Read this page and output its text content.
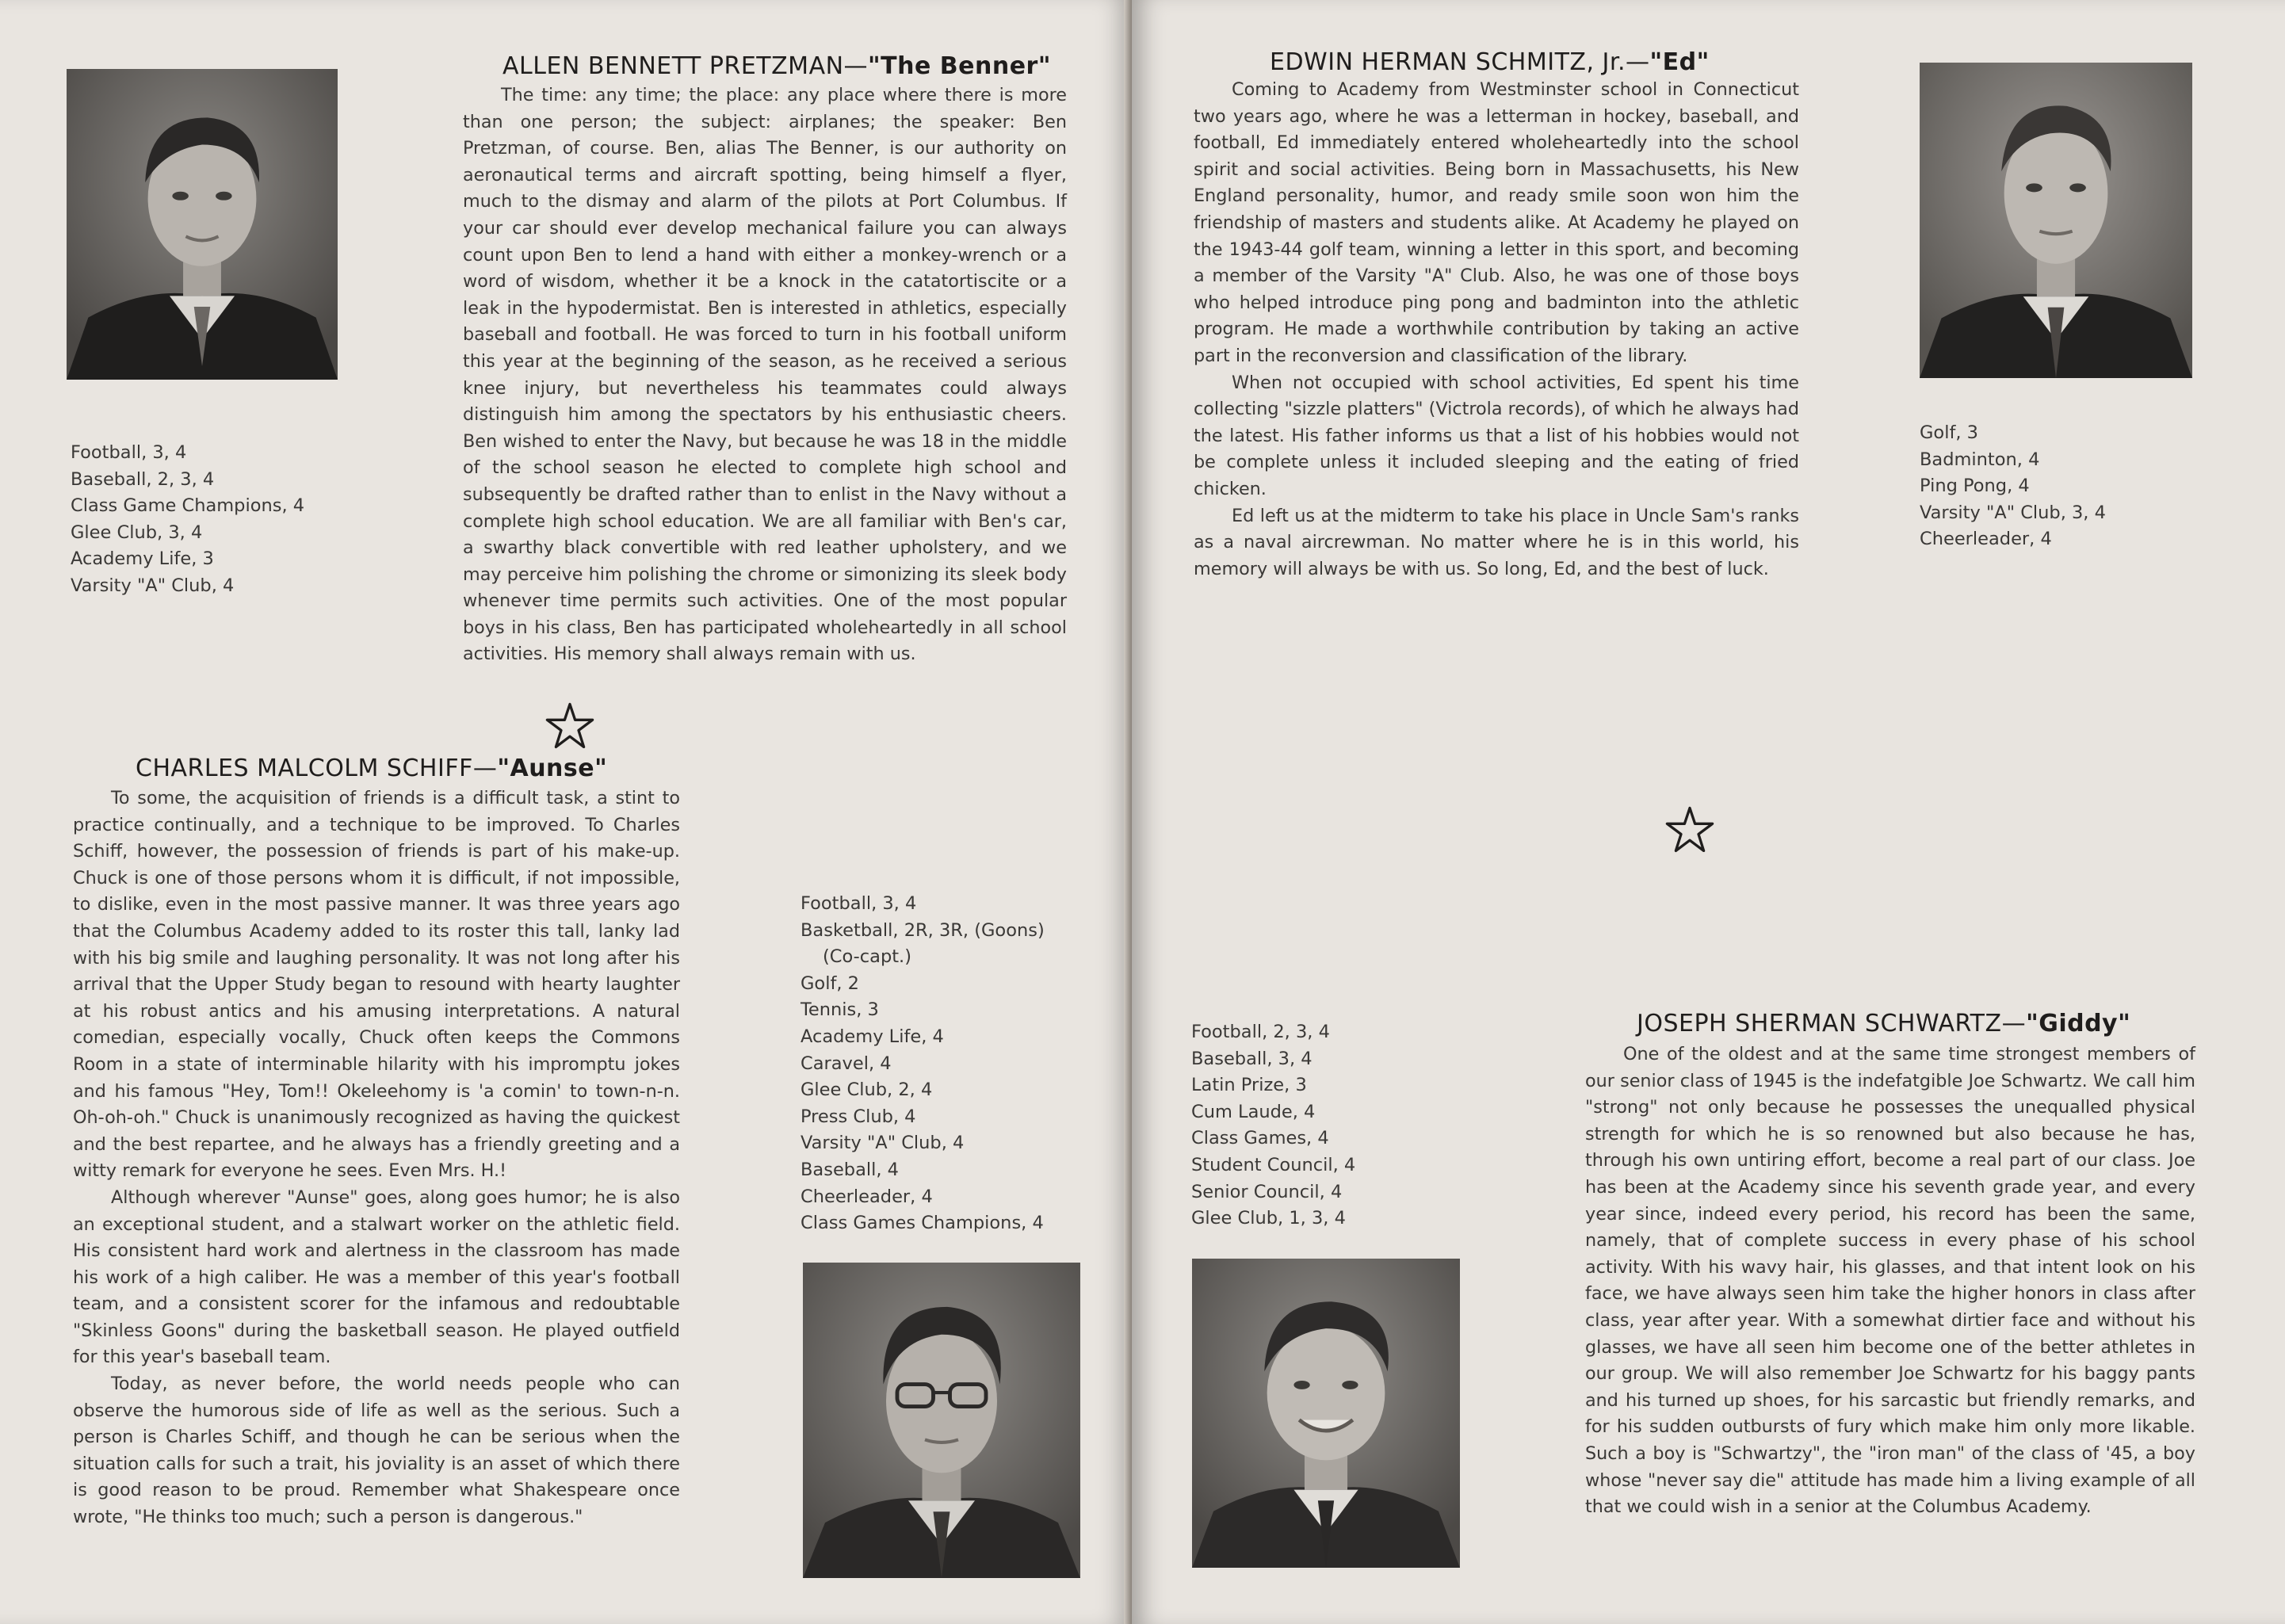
ALLEN BENNETT PRETZMAN—"The Benner"

The time: any time; the place: any place where there is more than one person; the subject: airplanes; the speaker: Ben Pretzman, of course. Ben, alias The Benner, is our authority on aeronautical terms and aircraft spotting, being himself a flyer, much to the dismay and alarm of the pilots at Port Columbus. If your car should ever develop mechanical failure you can always count upon Ben to lend a hand with either a monkey-wrench or a word of wisdom, whether it be a knock in the catatortiscite or a leak in the hypodermistat. Ben is interested in athletics, especially baseball and football. He was forced to turn in his football uniform this year at the beginning of the season, as he received a serious knee injury, but nevertheless his teammates could always distinguish him among the spectators by his enthusiastic cheers. Ben wished to enter the Navy, but because he was 18 in the middle of the school season he elected to complete high school and subsequently be drafted rather than to enlist in the Navy without a complete high school education. We are all familiar with Ben's car, a swarthy black convertible with red leather upholstery, and we may perceive him polishing the chrome or simonizing its sleek body whenever time permits such activities. One of the most popular boys in his class, Ben has participated wholeheartedly in all school activities. His memory shall always remain with us.

Football, 3, 4
Baseball, 2, 3, 4
Class Game Champions, 4
Glee Club, 3, 4
Academy Life, 3
Varsity "A" Club, 4
CHARLES MALCOLM SCHIFF—"Aunse"

To some, the acquisition of friends is a difficult task, a stint to practice continually, and a technique to be improved. To Charles Schiff, however, the possession of friends is part of his make-up. Chuck is one of those persons whom it is difficult, if not impossible, to dislike, even in the most passive manner. It was three years ago that the Columbus Academy added to its roster this tall, lanky lad with his big smile and laughing personality. It was not long after his arrival that the Upper Study began to resound with hearty laughter at his robust antics and his amusing interpretations. A natural comedian, especially vocally, Chuck often keeps the Commons Room in a state of interminable hilarity with his impromptu jokes and his famous "Hey, Tom!! Okeleehomy is 'a comin' to town-n-n. Oh-oh-oh." Chuck is unanimously recognized as having the quickest and the best repartee, and he always has a friendly greeting and a witty remark for everyone he sees. Even Mrs. H.!

Although wherever "Aunse" goes, along goes humor; he is also an exceptional student, and a stalwart worker on the athletic field. His consistent hard work and alertness in the classroom has made his work of a high caliber. He was a member of this year's football team, and a consistent scorer for the infamous and redoubtable "Skinless Goons" during the basketball season. He played outfield for this year's baseball team.

Today, as never before, the world needs people who can observe the humorous side of life as well as the serious. Such a person is Charles Schiff, and though he can be serious when the situation calls for such a trait, his joviality is an asset of which there is good reason to be proud. Remember what Shakespeare once wrote, "He thinks too much; such a person is dangerous."

Football, 3, 4
Basketball, 2R, 3R, (Goons)
(Co-capt.)
Golf, 2
Tennis, 3
Academy Life, 4
Caravel, 4
Glee Club, 2, 4
Press Club, 4
Varsity "A" Club, 4
Baseball, 4
Cheerleader, 4
Class Games Champions, 4
EDWIN HERMAN SCHMITZ, Jr.—"Ed"

Coming to Academy from Westminster school in Connecticut two years ago, where he was a letterman in hockey, baseball, and football, Ed immediately entered wholeheartedly into the school spirit and social activities. Being born in Massachusetts, his New England personality, humor, and ready smile soon won him the friendship of masters and students alike. At Academy he played on the 1943-44 golf team, winning a letter in this sport, and becoming a member of the Varsity "A" Club. Also, he was one of those boys who helped introduce ping pong and badminton into the athletic program. He made a worthwhile contribution by taking an active part in the reconversion and classification of the library.

When not occupied with school activities, Ed spent his time collecting "sizzle platters" (Victrola records), of which he always had the latest. His father informs us that a list of his hobbies would not be complete unless it included sleeping and the eating of fried chicken.

Ed left us at the midterm to take his place in Uncle Sam's ranks as a naval aircrewman. No matter where he is in this world, his memory will always be with us. So long, Ed, and the best of luck.

Golf, 3
Badminton, 4
Ping Pong, 4
Varsity "A" Club, 3, 4
Cheerleader, 4
Football, 2, 3, 4
Baseball, 3, 4
Latin Prize, 3
Cum Laude, 4
Class Games, 4
Student Council, 4
Senior Council, 4
Glee Club, 1, 3, 4
JOSEPH SHERMAN SCHWARTZ—"Giddy"

One of the oldest and at the same time strongest members of our senior class of 1945 is the indefatgible Joe Schwartz. We call him "strong" not only because he possesses the unequalled physical strength for which he is so renowned but also because he has, through his own untiring effort, become a real part of our class. Joe has been at the Academy since his seventh grade year, and every year since, indeed every period, his record has been the same, namely, that of complete success in every phase of his school activity. With his wavy hair, his glasses, and that intent look on his face, we have always seen him take the higher honors in class after class, year after year. With a somewhat dirtier face and without his glasses, we have all seen him become one of the better athletes in our group. We will also remember Joe Schwartz for his baggy pants and his turned up shoes, for his sarcastic but friendly remarks, and for his sudden outbursts of fury which make him only more likable. Such a boy is "Schwartzy", the "iron man" of the class of '45, a boy whose "never say die" attitude has made him a living example of all that we could wish in a senior at the Columbus Academy.
